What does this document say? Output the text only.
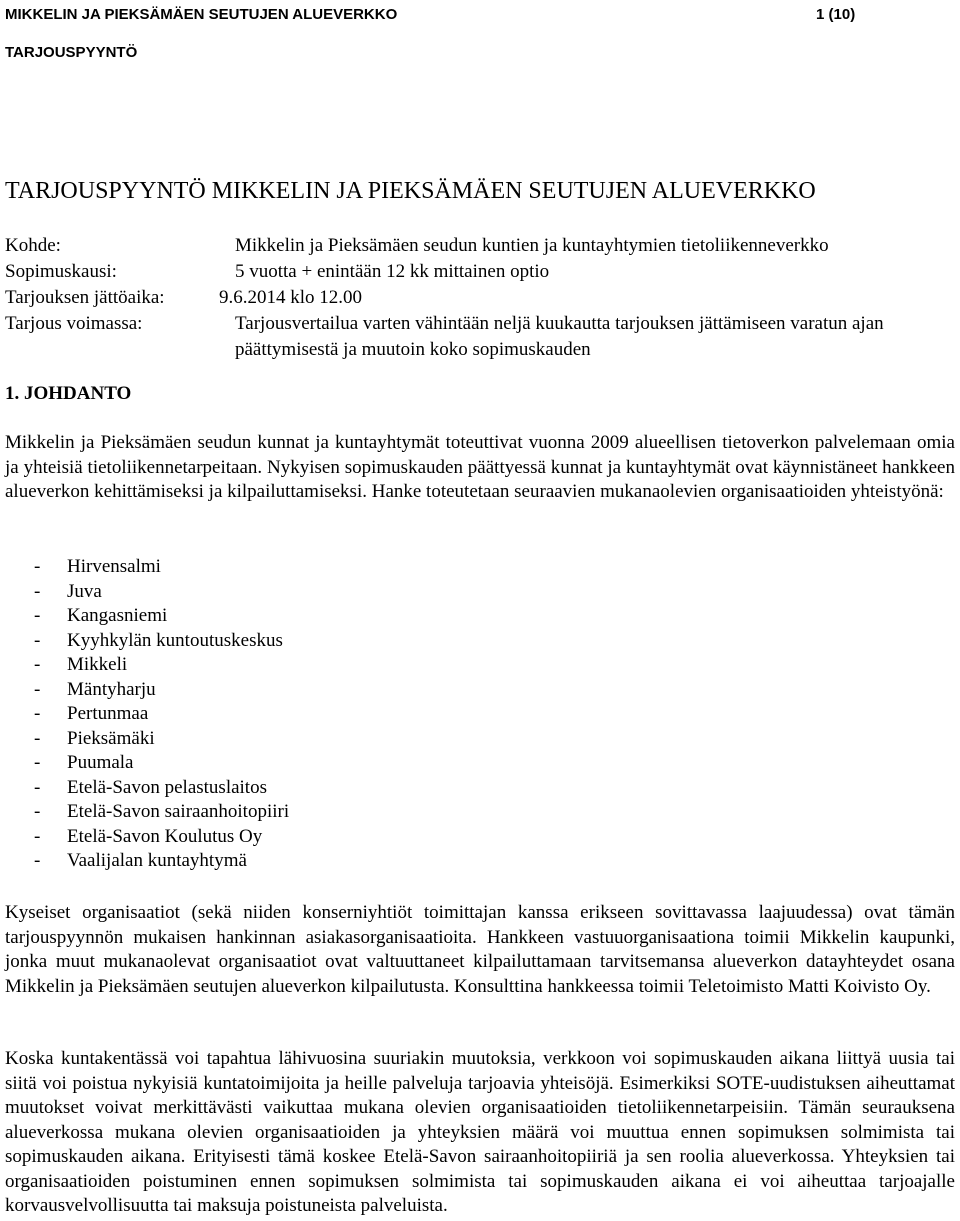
MIKKELIN JA PIEKSÄMÄEN SEUTUJEN ALUEVERKKO	1 (10)
TARJOUSPYYNTÖ
TARJOUSPYYNTÖ MIKKELIN JA PIEKSÄMÄEN SEUTUJEN ALUEVERKKO
Kohde:	Mikkelin ja Pieksämäen seudun kuntien ja kuntayhtymien tietoliikenneverkko
Sopimuskausi:	5 vuotta + enintään 12 kk mittainen optio
Tarjouksen jättöaika:	9.6.2014 klo 12.00
Tarjous voimassa:	Tarjousvertailua varten vähintään neljä kuukautta tarjouksen jättämiseen varatun ajan päättymisestä ja muutoin koko sopimuskauden
1. JOHDANTO

Mikkelin ja Pieksämäen seudun kunnat ja kuntayhtymät toteuttivat vuonna 2009 alueellisen tietoverkon palvelemaan omia ja yhteisiä tietoliikennetarpeitaan. Nykyisen sopimuskauden päättyessä kunnat ja kuntayhtymät ovat käynnistäneet hankkeen alueverkon kehittämiseksi ja kilpailuttamiseksi. Hanke toteutetaan seuraavien mukanaolevien organisaatioiden yhteistyönä:

- Hirvensalmi
- Juva
- Kangasniemi
- Kyyhkylän kuntoutuskeskus
- Mikkeli
- Mäntyharju
- Pertunmaa
- Pieksämäki
- Puumala
- Etelä-Savon pelastuslaitos
- Etelä-Savon sairaanhoitopiiri
- Etelä-Savon Koulutus Oy
- Vaalijalan kuntayhtymä

Kyseiset organisaatiot (sekä niiden konserniyhtiöt toimittajan kanssa erikseen sovittavassa laajuudessa) ovat tämän tarjouspyynnön mukaisen hankinnan asiakasorganisaatioita. Hankkeen vastuuorganisaationa toimii Mikkelin kaupunki, jonka muut mukanaolevat organisaatiot ovat valtuuttaneet kilpailuttamaan tarvitsemansa alueverkon datayhteydet osana Mikkelin ja Pieksämäen seutujen alueverkon kilpailutusta. Konsulttina hankkeessa toimii Teletoimisto Matti Koivisto Oy.

Koska kuntakentässä voi tapahtua lähivuosina suuriakin muutoksia, verkkoon voi sopimuskauden aikana liittyä uusia tai siitä voi poistua nykyisiä kuntatoimijoita ja heille palveluja tarjoavia yhteisöjä. Esimerkiksi SOTE-uudistuksen aiheuttamat muutokset voivat merkittävästi vaikuttaa mukana olevien organisaatioiden tietoliikennetarpeisiin. Tämän seurauksena alueverkossa mukana olevien organisaatioiden ja yhteyksien määrä voi muuttua ennen sopimuksen solmimista tai sopimuskauden aikana. Erityisesti tämä koskee Etelä-Savon sairaanhoitopiiriä ja sen roolia alueverkossa. Yhteyksien tai organisaatioiden poistuminen ennen sopimuksen solmimista tai sopimuskauden aikana ei voi aiheuttaa tarjoajalle korvausvelvollisuutta tai maksuja poistuneista palveluista.
